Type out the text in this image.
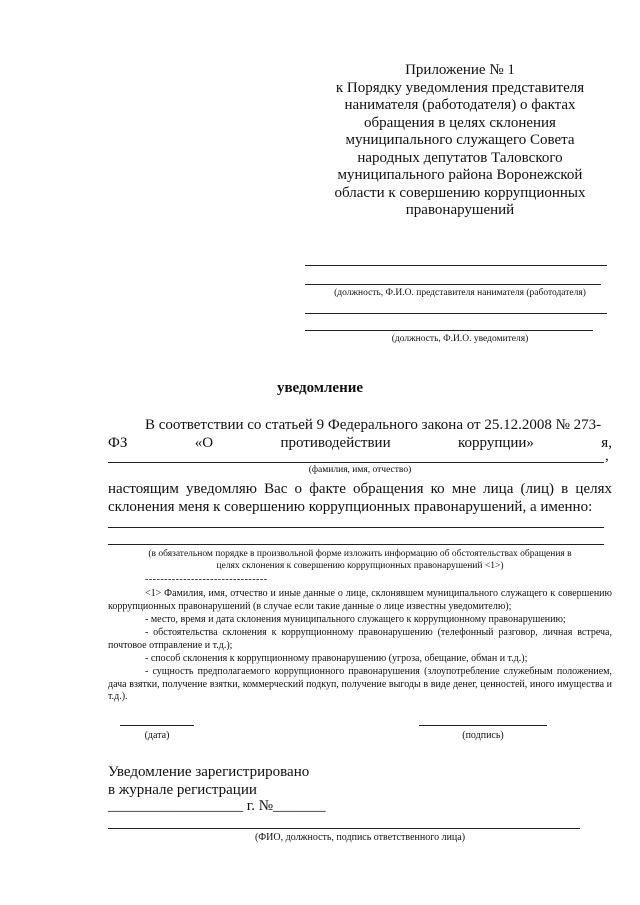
Приложение № 1
к Порядку уведомления представителя
нанимателя (работодателя) о фактах
обращения в целях склонения
муниципального служащего Совета
народных депутатов Таловского
муниципального района Воронежской
области к совершению коррупционных
правонарушений
(должность, Ф.И.О. представителя нанимателя (работодателя)
(должность, Ф.И.О. уведомителя)
уведомление
В соответствии со статьей 9 Федерального закона от 25.12.2008 № 273-
ФЗ	«О	противодействии	коррупции»	я,
,
(фамилия, имя, отчество)
настоящим уведомляю Вас о факте обращения ко мне лица (лиц) в целях
склонения меня к совершению коррупционных правонарушений, а именно:
(в обязательном порядке в произвольной форме изложить информацию об обстоятельствах обращения в
целях склонения к совершению коррупционных правонарушений <1>)
--------------------------------
<1> Фамилия, имя, отчество и иные данные о лице, склонявшем муниципального служащего к совершению коррупционных правонарушений (в случае если такие данные о лице известны уведомителю);
- место, время и дата склонения муниципального служащего к коррупционному правонарушению;
- обстоятельства склонения к коррупционному правонарушению (телефонный разговор, личная встреча, почтовое отправление и т.д.);
- способ склонения к коррупционному правонарушению (угроза, обещание, обман и т.д.);
- сущность предполагаемого коррупционного правонарушения (злоупотребление служебным положением, дача взятки, получение взятки, коммерческий подкуп, получение выгоды в виде денег, ценностей, иного имущества и т.д.).
(дата)	(подпись)
Уведомление зарегистрировано
в журнале регистрации
__________________ г. №_______
(ФИО, должность, подпись ответственного лица)
